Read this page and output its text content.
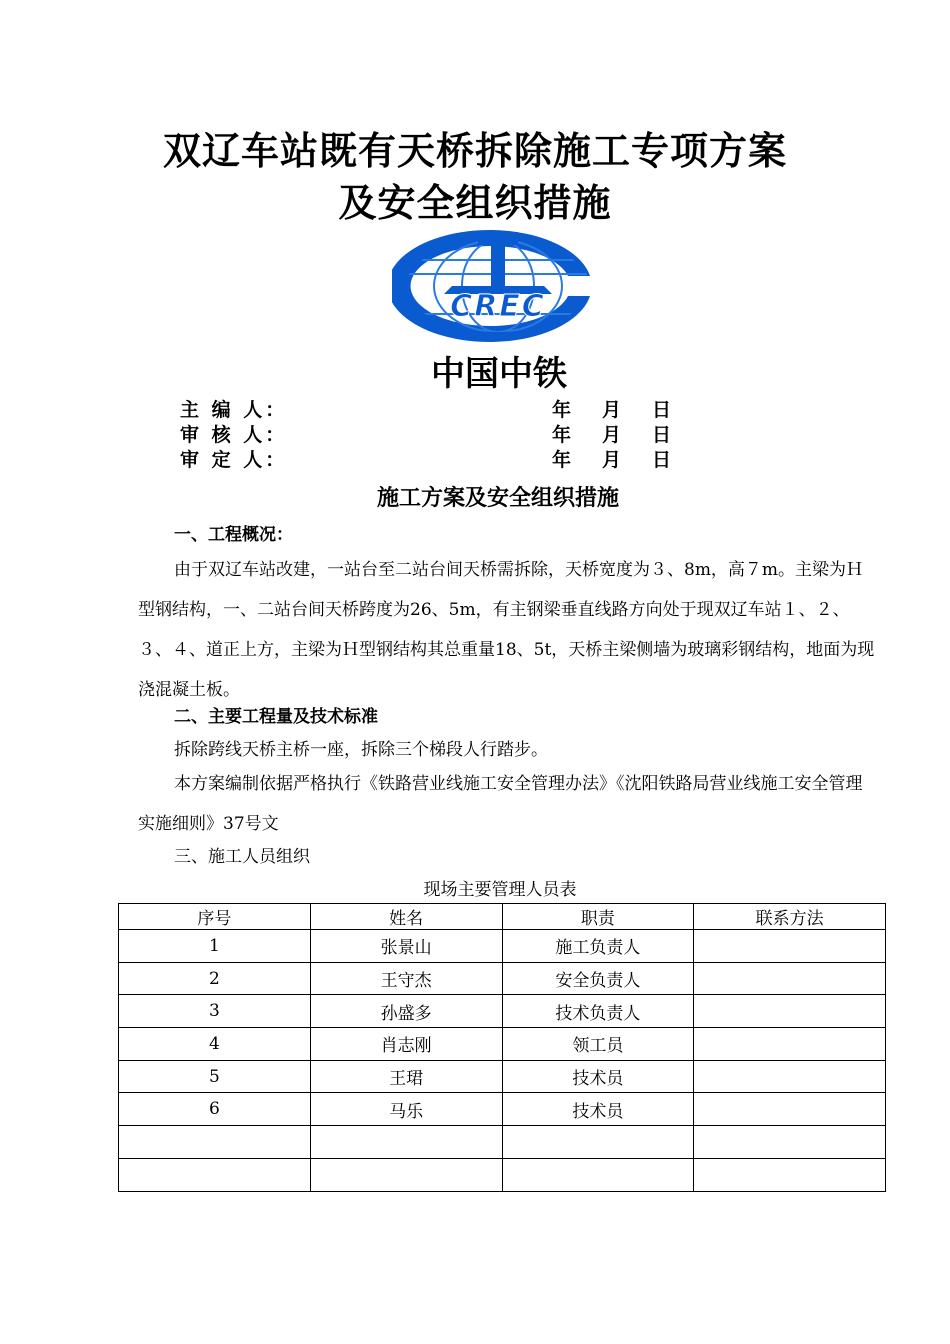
双辽车站既有天桥拆除施工专项方案
及安全组织措施
CREC
中国中铁
主 编 人：	年 月 日
审 核 人：	年 月 日
审 定 人：	年 月 日
施工方案及安全组织措施
一、工程概况：

由于双辽车站改建，一站台至二站台间天桥需拆除，天桥宽度为３、8m，高７m。主梁为Ｈ型钢结构，一、二站台间天桥跨度为26、5m，有主钢梁垂直线路方向处于现双辽车站１、２、３、４、道正上方，主梁为Ｈ型钢结构其总重量18、5t，天桥主梁侧墙为玻璃彩钢结构，地面为现浇混凝土板。

二、主要工程量及技术标准
拆除跨线天桥主桥一座，拆除三个梯段人行踏步。

本方案编制依据严格执行《铁路营业线施工安全管理办法》《沈阳铁路局营业线施工安全管理实施细则》37号文

三、施工人员组织
现场主要管理人员表
序号	姓名	职责	联系方法
1	张景山	施工负责人	
2	王守杰	安全负责人	
3	孙盛多	技术负责人	
4	肖志刚	领工员	
5	王珺	技术员	
6	马乐	技术员	
